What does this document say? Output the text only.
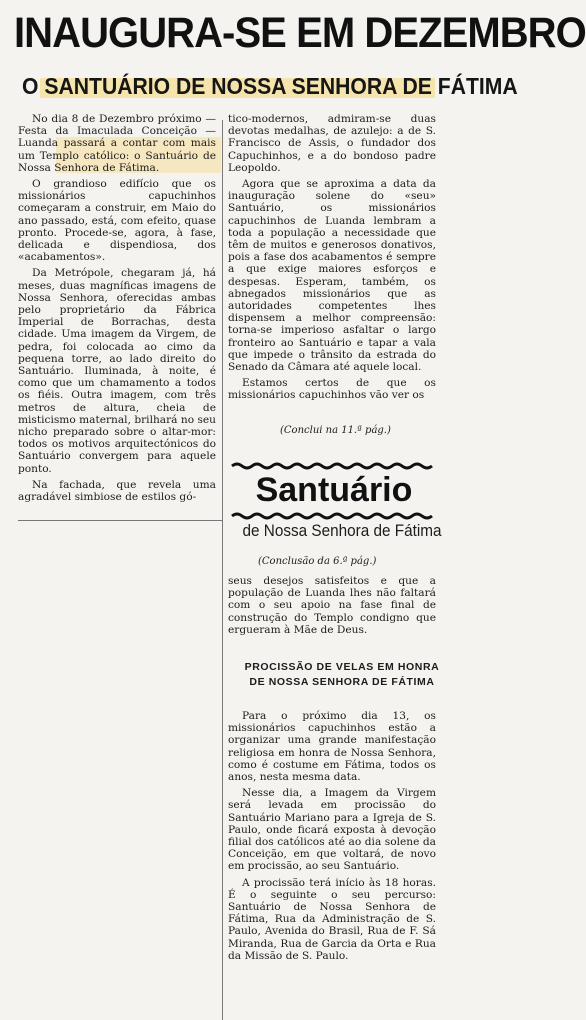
INAUGURA-SE EM DEZEMBRO
O SANTUÁRIO DE NOSSA SENHORA DE FÁTIMA

No dia 8 de Dezembro próximo — Festa da Imaculada Conceição — Luanda passará a contar com mais um Templo católico: o Santuário de Nossa Senhora de Fátima.

O grandioso edifício que os missionários capuchinhos começaram a construir, em Maio do ano passado, está, com efeito, quase pronto. Procede-se, agora, à fase, delicada e dispendiosa, dos «acabamentos».

Da Metrópole, chegaram já, há meses, duas magníficas imagens de Nossa Senhora, oferecidas ambas pelo proprietário da Fábrica Imperial de Borrachas, desta cidade. Uma imagem da Virgem, de pedra, foi colocada ao cimo da pequena torre, ao lado direito do Santuário. Iluminada, à noite, é como que um chamamento a todos os fiéis. Outra imagem, com três metros de altura, cheia de misticismo maternal, brilhará no seu nicho preparado sobre o altar-mor: todos os motivos arquitectónicos do Santuário convergem para aquele ponto.

Na fachada, que revela uma agradável simbiose de estilos gó-

tico-modernos, admiram-se duas devotas medalhas, de azulejo: a de S. Francisco de Assis, o fundador dos Capuchinhos, e a do bondoso padre Leopoldo.

Agora que se aproxima a data da inauguração solene do «seu» Santuário, os missionários capuchinhos de Luanda lembram a toda a população a necessidade que têm de muitos e generosos donativos, pois a fase dos acabamentos é sempre a que exige maiores esforços e despesas. Esperam, também, os abnegados missionários que as autoridades competentes lhes dispensem a melhor compreensão: torna-se imperioso asfaltar o largo fronteiro ao Santuário e tapar a vala que impede o trânsito da estrada do Senado da Câmara até aquele local.

Estamos certos de que os missionários capuchinhos vão ver os

(Conclui na 11.ª pág.)
Santuário
de Nossa Senhora de Fátima
(Conclusão da 6.ª pág.)

seus desejos satisfeitos e que a população de Luanda lhes não faltará com o seu apoio na fase final de construção do Templo condigno que ergueram à Mãe de Deus.

PROCISSÃO DE VELAS EM HONRA DE NOSSA SENHORA DE FÁTIMA

Para o próximo dia 13, os missionários capuchinhos estão a organizar uma grande manifestação religiosa em honra de Nossa Senhora, como é costume em Fátima, todos os anos, nesta mesma data.

Nesse dia, a Imagem da Virgem será levada em procissão do Santuário Mariano para a Igreja de S. Paulo, onde ficará exposta à devoção filial dos católicos até ao dia solene da Conceição, em que voltará, de novo em procissão, ao seu Santuário.

A procissão terá início às 18 horas. É o seguinte o seu percurso: Santuário de Nossa Senhora de Fátima, Rua da Administração de S. Paulo, Avenida do Brasil, Rua de F. Sá Miranda, Rua de Garcia da Orta e Rua da Missão de S. Paulo.
